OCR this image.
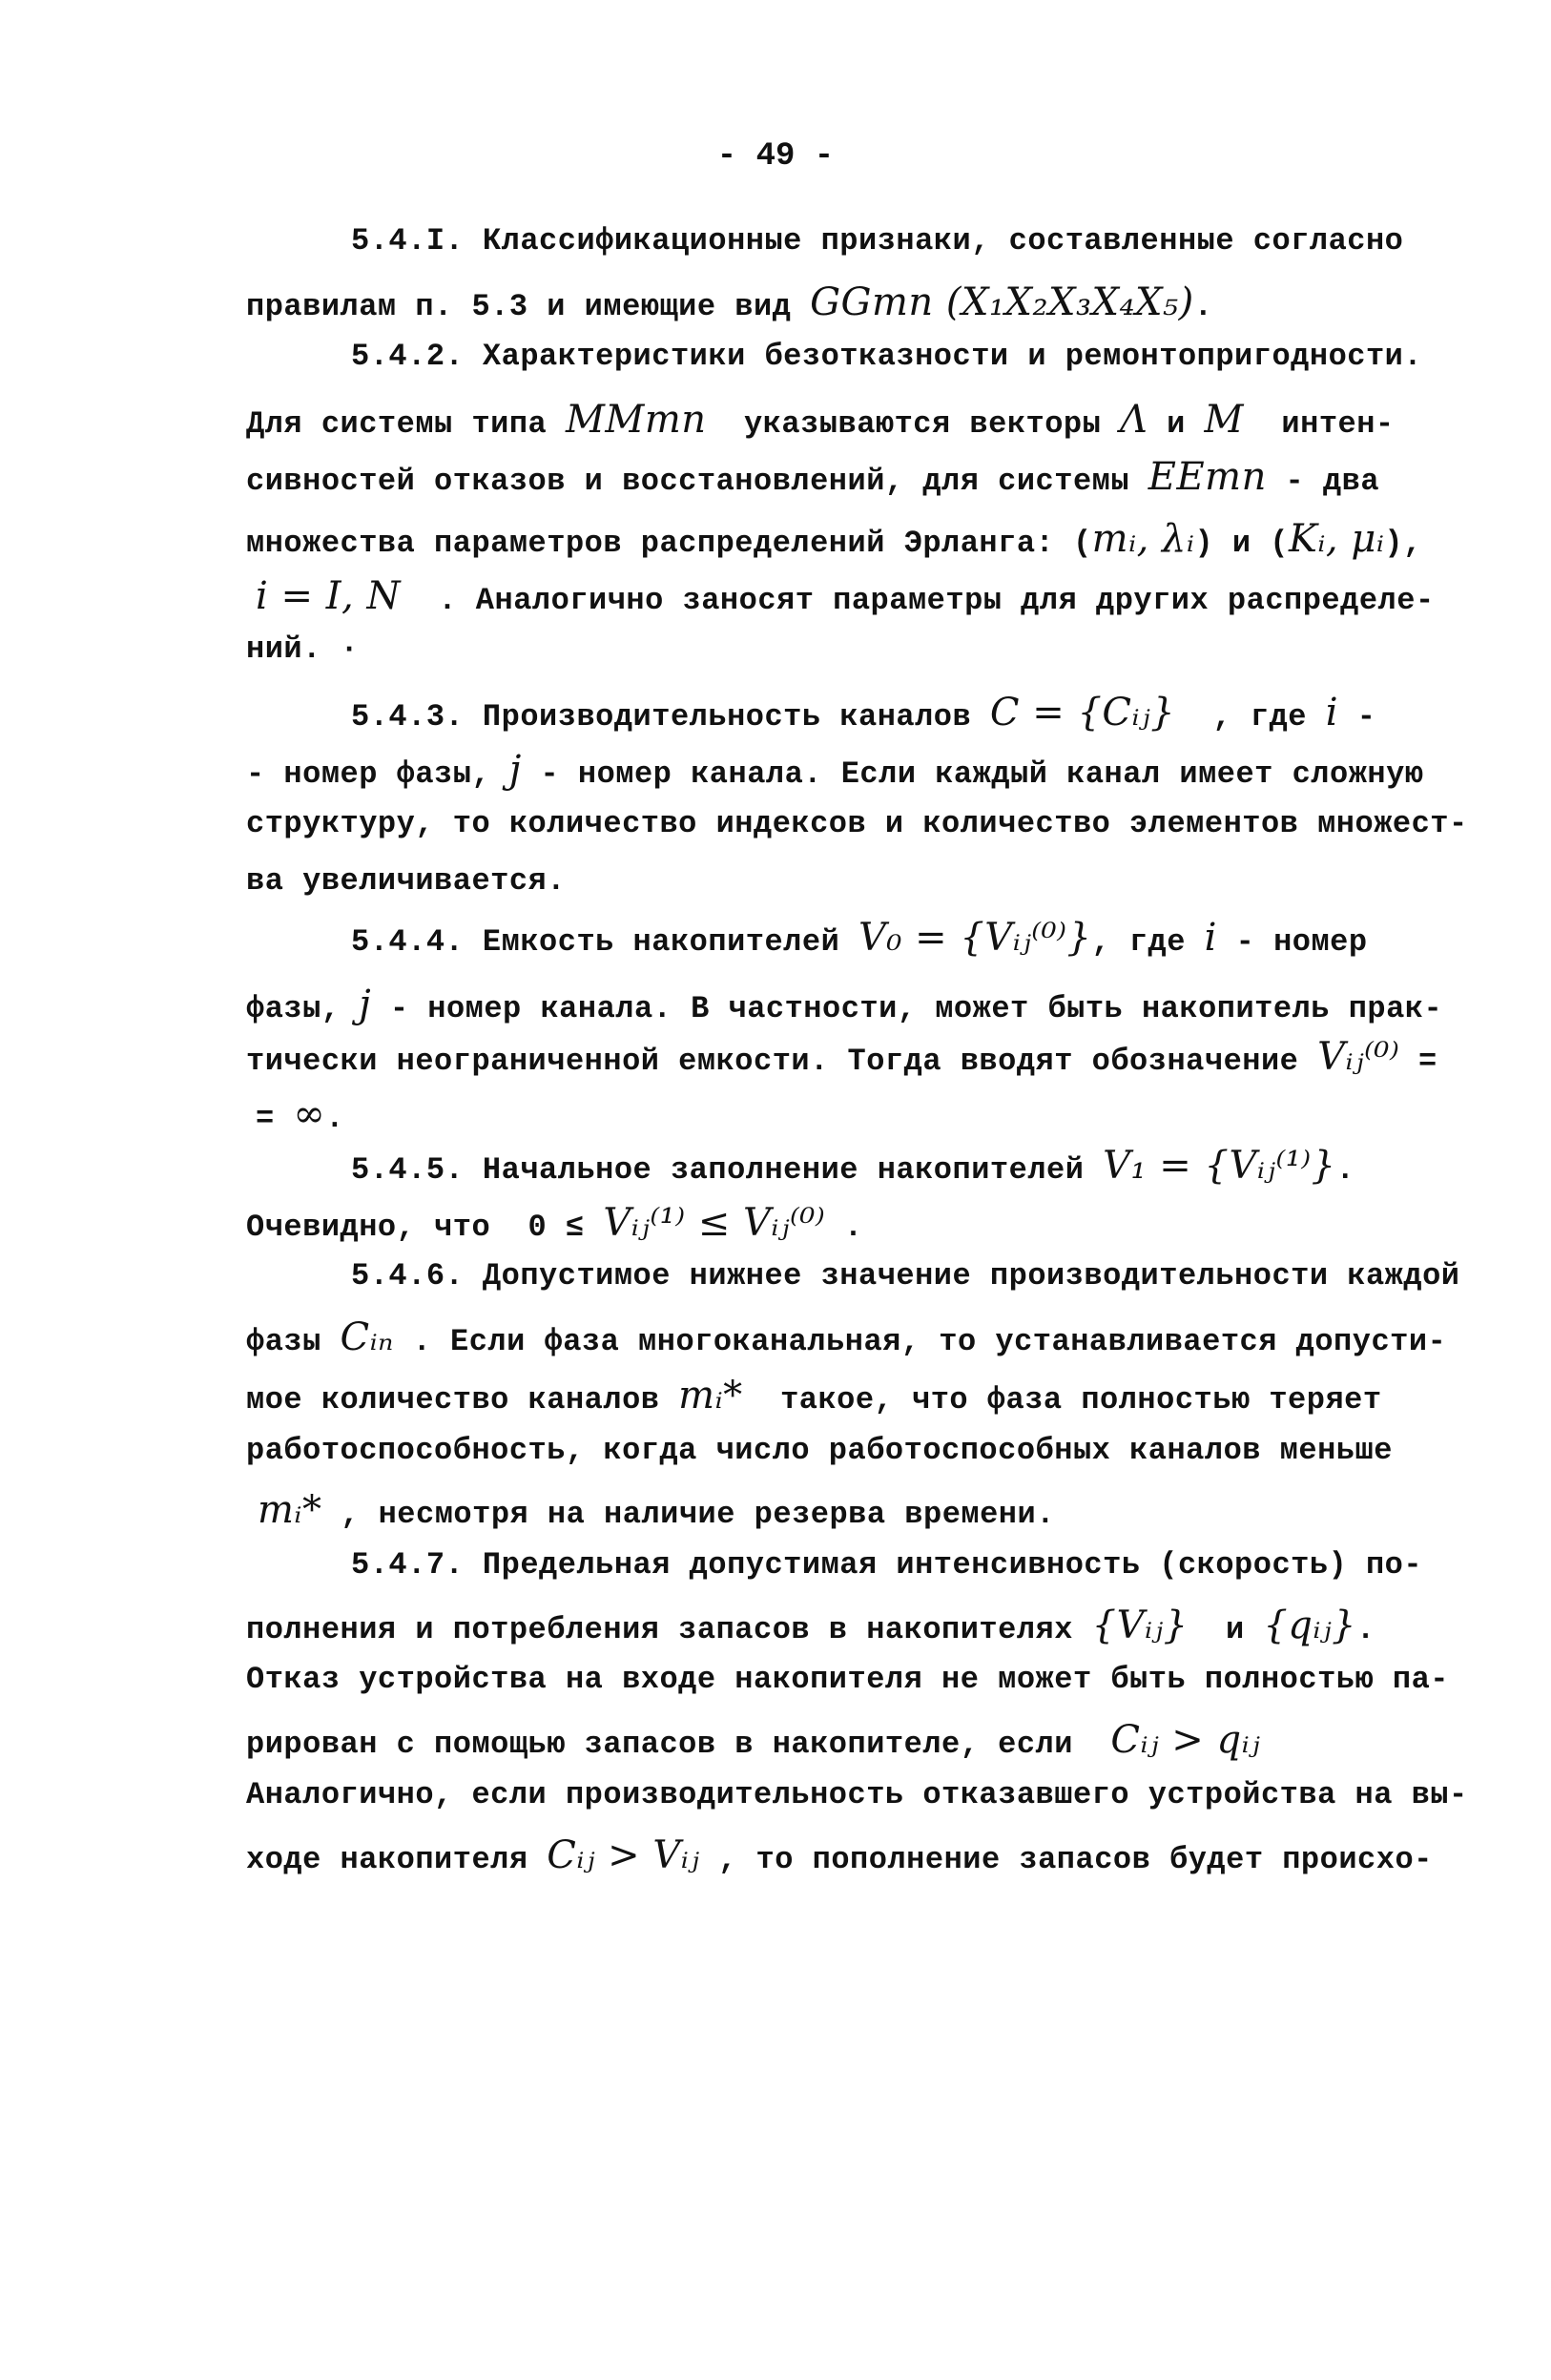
- 49 -
5.4.I. Классификационные признаки, составленные согласно
правилам п. 5.3 и имеющие вид GGmn (X₁X₂X₃X₄X₅).
5.4.2. Характеристики безотказности и ремонтопригодности.
Для системы типа MMmn  указываются векторы Λ и M  интен-
сивностей отказов и восстановлений, для системы EEmn - два
множества параметров распределений Эрланга: (mᵢ, λᵢ) и (Kᵢ, μᵢ),
i = I, N  . Аналогично заносят параметры для других распределе-
ний. ·
5.4.3. Производительность каналов C = {Cᵢⱼ}  , где i -
- номер фазы, j - номер канала. Если каждый канал имеет сложную
структуру, то количество индексов и количество элементов множест-
ва увеличивается.
5.4.4. Емкость накопителей V₀ = {Vᵢⱼ⁽⁰⁾}, где i - номер
фазы, j - номер канала. В частности, может быть накопитель прак-
тически неограниченной емкости. Тогда вводят обозначение Vᵢⱼ⁽⁰⁾ =
= ∞.
5.4.5. Начальное заполнение накопителей V₁ = {Vᵢⱼ⁽¹⁾}.
Очевидно, что  0 ≤ Vᵢⱼ⁽¹⁾ ≤ Vᵢⱼ⁽⁰⁾ .
5.4.6. Допустимое нижнее значение производительности каждой
фазы Cᵢₙ . Если фаза многоканальная, то устанавливается допусти-
мое количество каналов mᵢ*  такое, что фаза полностью теряет
работоспособность, когда число работоспособных каналов меньше
mᵢ* , несмотря на наличие резерва времени.
5.4.7. Предельная допустимая интенсивность (скорость) по-
полнения и потребления запасов в накопителях {Vᵢⱼ}  и {qᵢⱼ}.
Отказ устройства на входе накопителя не может быть полностью па-
рирован с помощью запасов в накопителе, если  Cᵢⱼ > qᵢⱼ
Аналогично, если производительность отказавшего устройства на вы-
ходе накопителя Cᵢⱼ > Vᵢⱼ , то пополнение запасов будет происхо-
